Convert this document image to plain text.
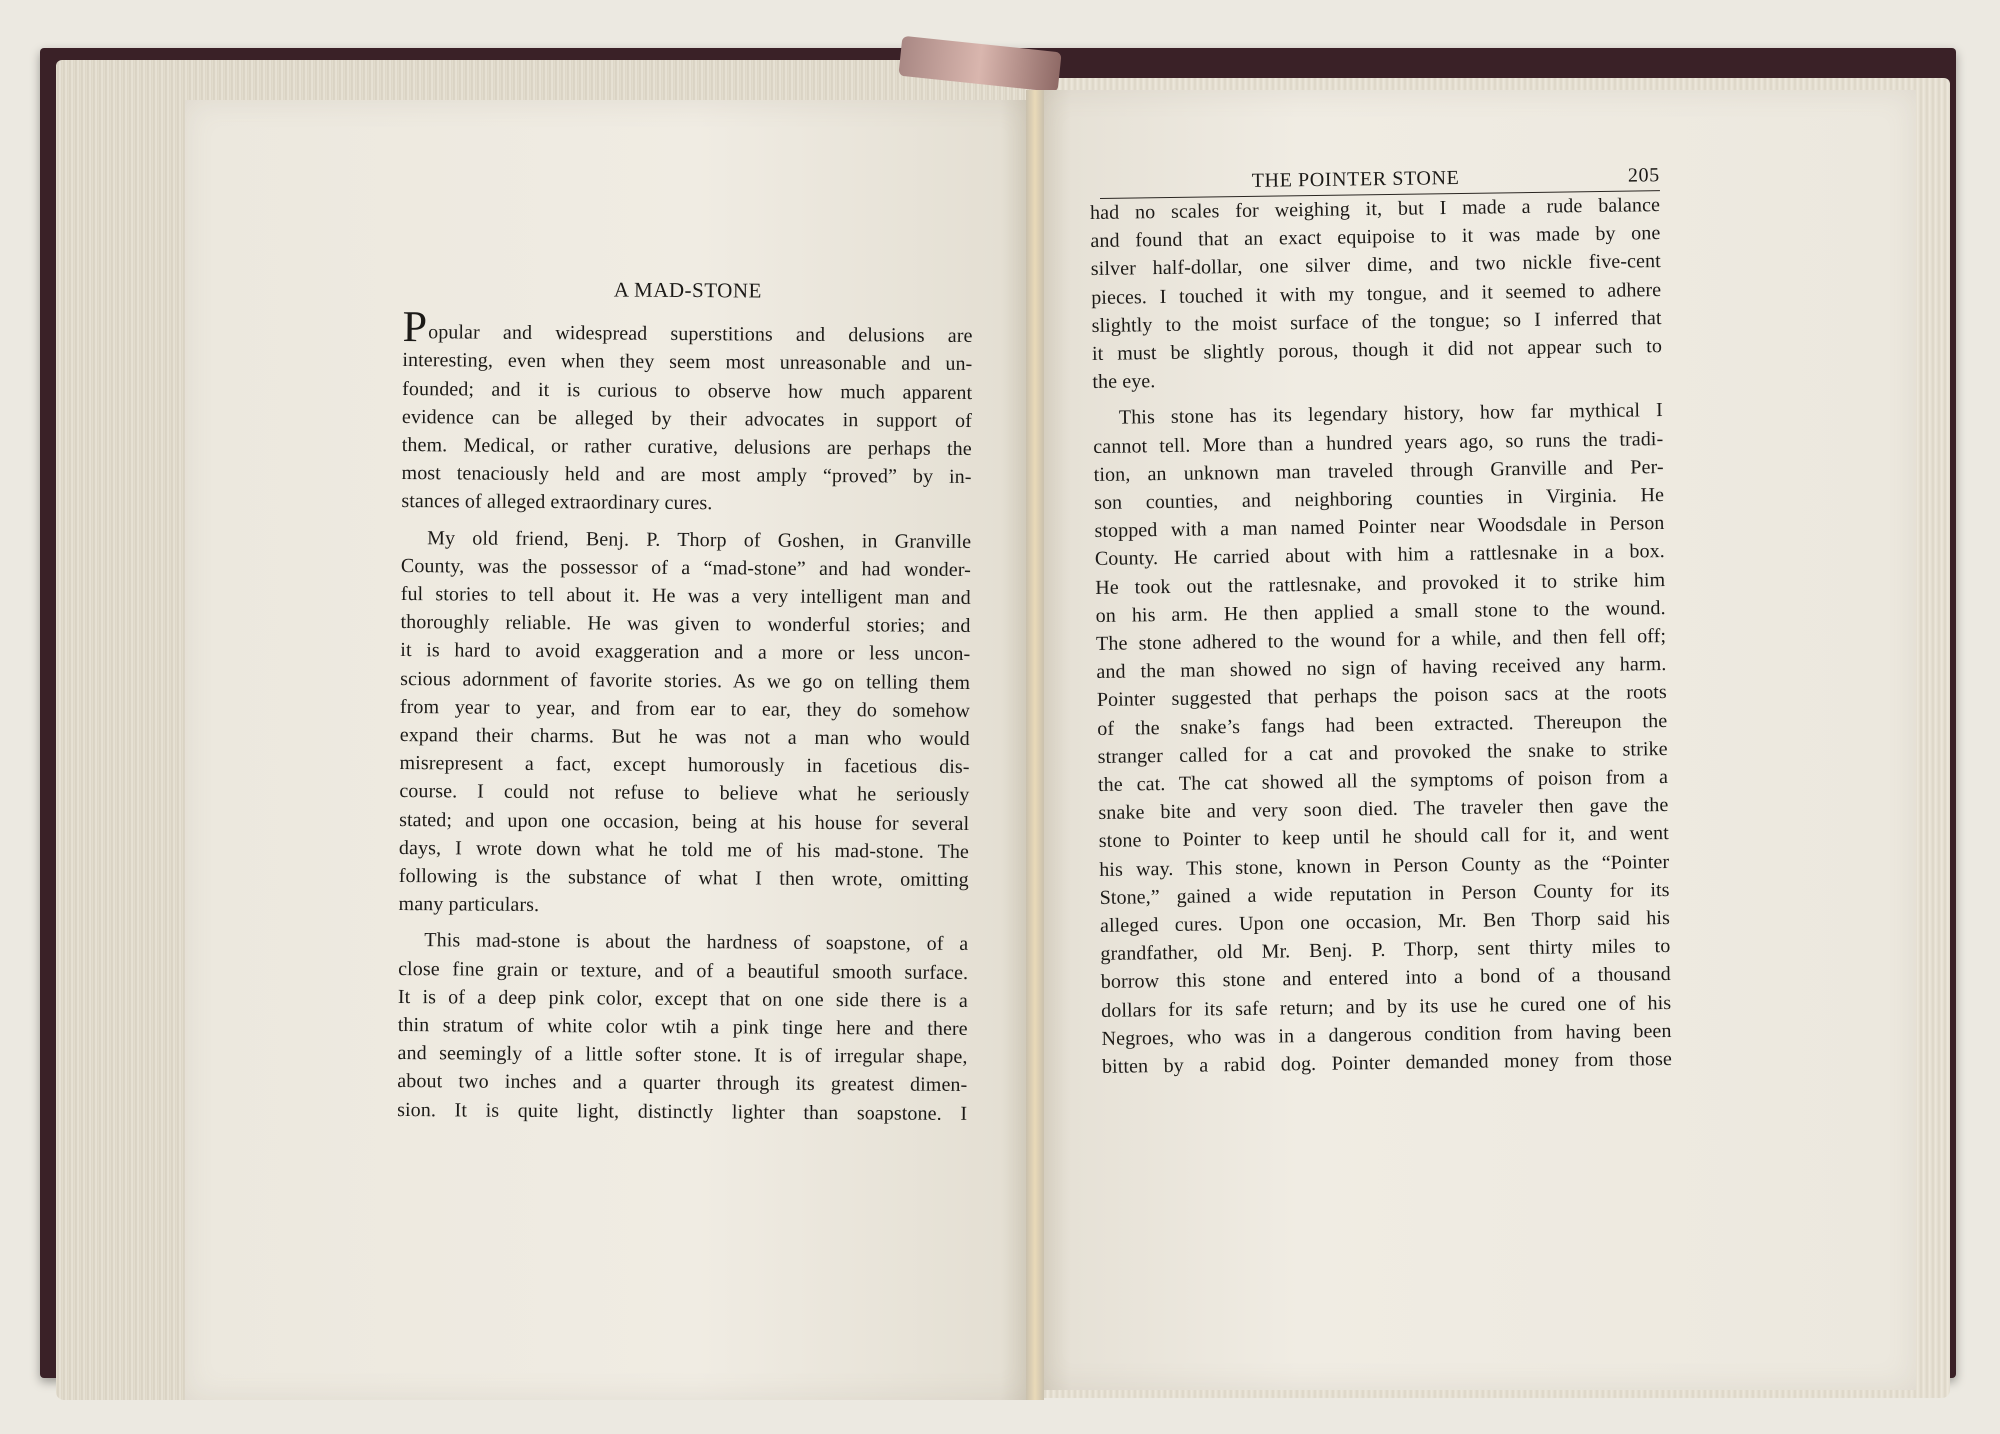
THE POINTER STONE	205
A MAD-STONE
Popular and widespread superstitions and delusions are
interesting, even when they seem most unreasonable and un-
founded; and it is curious to observe how much apparent
evidence can be alleged by their advocates in support of
them. Medical, or rather curative, delusions are perhaps the
most tenaciously held and are most amply “proved” by in-
stances of alleged extraordinary cures.
My old friend, Benj. P. Thorp of Goshen, in Granville
County, was the possessor of a “mad-stone” and had wonder-
ful stories to tell about it. He was a very intelligent man and
thoroughly reliable. He was given to wonderful stories; and
it is hard to avoid exaggeration and a more or less uncon-
scious adornment of favorite stories. As we go on telling them
from year to year, and from ear to ear, they do somehow
expand their charms. But he was not a man who would
misrepresent a fact, except humorously in facetious dis-
course. I could not refuse to believe what he seriously
stated; and upon one occasion, being at his house for several
days, I wrote down what he told me of his mad-stone. The
following is the substance of what I then wrote, omitting
many particulars.
This mad-stone is about the hardness of soapstone, of a
close fine grain or texture, and of a beautiful smooth surface.
It is of a deep pink color, except that on one side there is a
thin stratum of white color wtih a pink tinge here and there
and seemingly of a little softer stone. It is of irregular shape,
about two inches and a quarter through its greatest dimen-
sion. It is quite light, distinctly lighter than soapstone. I
had no scales for weighing it, but I made a rude balance
and found that an exact equipoise to it was made by one
silver half-dollar, one silver dime, and two nickle five-cent
pieces. I touched it with my tongue, and it seemed to adhere
slightly to the moist surface of the tongue; so I inferred that
it must be slightly porous, though it did not appear such to
the eye.
This stone has its legendary history, how far mythical I
cannot tell. More than a hundred years ago, so runs the tradi-
tion, an unknown man traveled through Granville and Per-
son counties, and neighboring counties in Virginia. He
stopped with a man named Pointer near Woodsdale in Person
County. He carried about with him a rattlesnake in a box.
He took out the rattlesnake, and provoked it to strike him
on his arm. He then applied a small stone to the wound.
The stone adhered to the wound for a while, and then fell off;
and the man showed no sign of having received any harm.
Pointer suggested that perhaps the poison sacs at the roots
of the snake’s fangs had been extracted. Thereupon the
stranger called for a cat and provoked the snake to strike
the cat. The cat showed all the symptoms of poison from a
snake bite and very soon died. The traveler then gave the
stone to Pointer to keep until he should call for it, and went
his way. This stone, known in Person County as the “Pointer
Stone,” gained a wide reputation in Person County for its
alleged cures. Upon one occasion, Mr. Ben Thorp said his
grandfather, old Mr. Benj. P. Thorp, sent thirty miles to
borrow this stone and entered into a bond of a thousand
dollars for its safe return; and by its use he cured one of his
Negroes, who was in a dangerous condition from having been
bitten by a rabid dog. Pointer demanded money from those
